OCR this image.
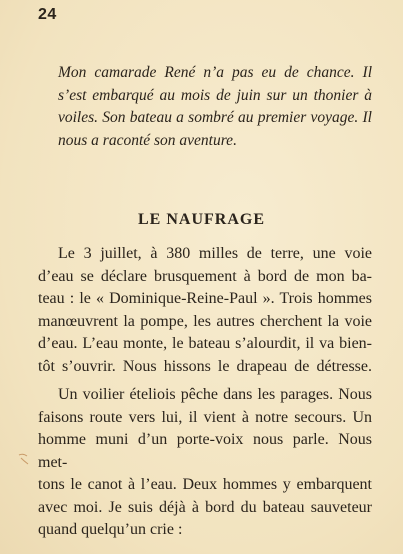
24
Mon camarade René n’a pas eu de chance. Il
s’est embarqué au mois de juin sur un thonier à
voiles. Son bateau a sombré au premier voyage. Il
nous a raconté son aventure.
LE NAUFRAGE

Le 3 juillet, à 380 milles de terre, une voie
d’eau se déclare brusquement à bord de mon ba-
teau : le « Dominique-Reine-Paul ». Trois hommes
manœuvrent la pompe, les autres cherchent la voie
d’eau. L’eau monte, le bateau s’alourdit, il va bien-
tôt s’ouvrir. Nous hissons le drapeau de détresse.

Un voilier ételiois pêche dans les parages. Nous
faisons route vers lui, il vient à notre secours. Un
homme muni d’un porte-voix nous parle. Nous met-
tons le canot à l’eau. Deux hommes y embarquent
avec moi. Je suis déjà à bord du bateau sauveteur
quand quelqu’un crie :
